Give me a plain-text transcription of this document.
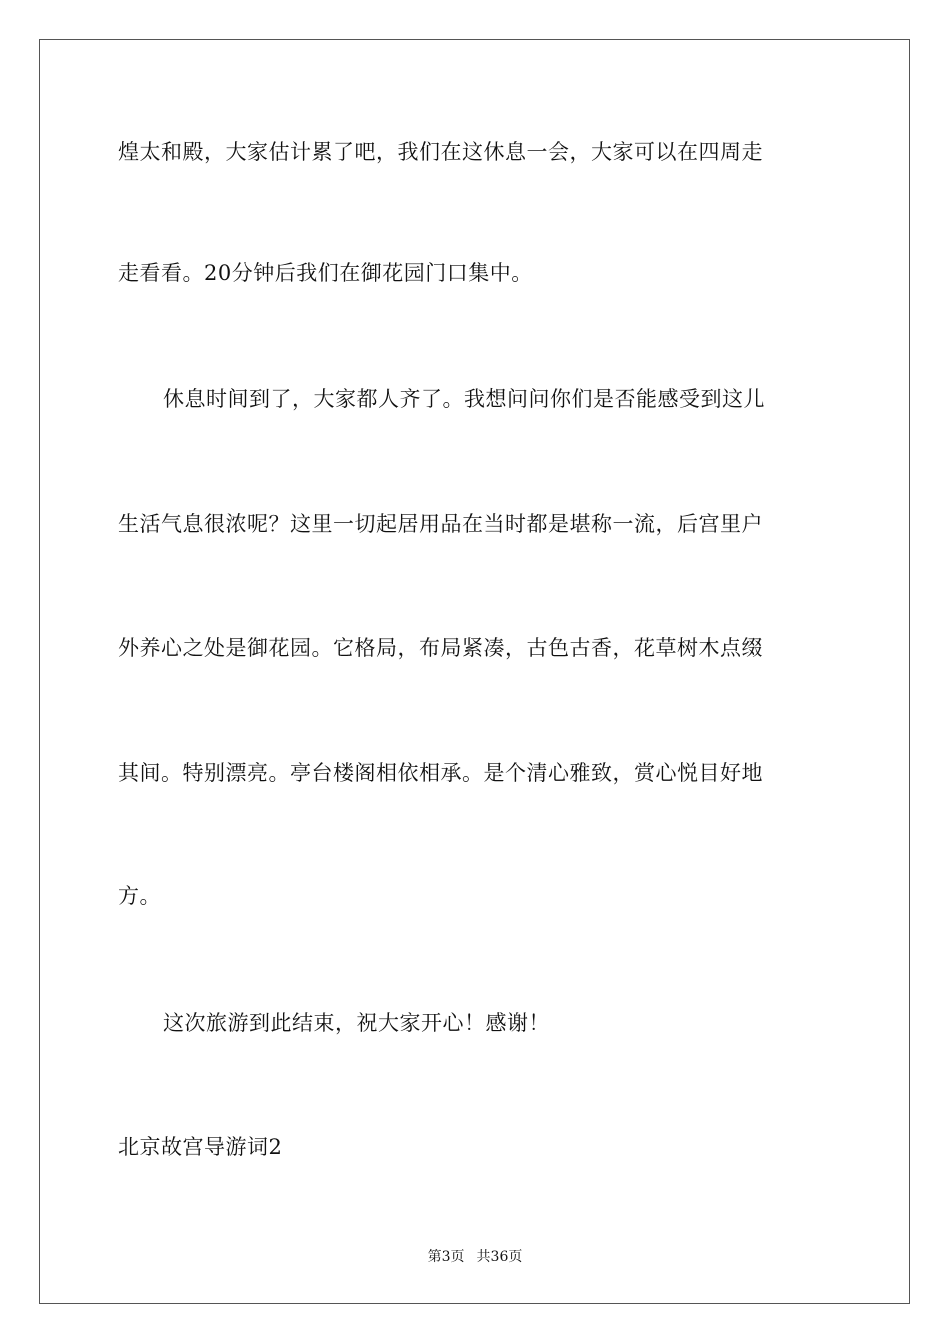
煌太和殿，大家估计累了吧，我们在这休息一会，大家可以在四周走
走看看。20分钟后我们在御花园门口集中。
休息时间到了，大家都人齐了。我想问问你们是否能感受到这儿
生活气息很浓呢？这里一切起居用品在当时都是堪称一流，后宫里户
外养心之处是御花园。它格局，布局紧凑，古色古香，花草树木点缀
其间。特别漂亮。亭台楼阁相依相承。是个清心雅致，赏心悦目好地
方。
这次旅游到此结束，祝大家开心！感谢！
北京故宫导游词2
第3页 共36页
